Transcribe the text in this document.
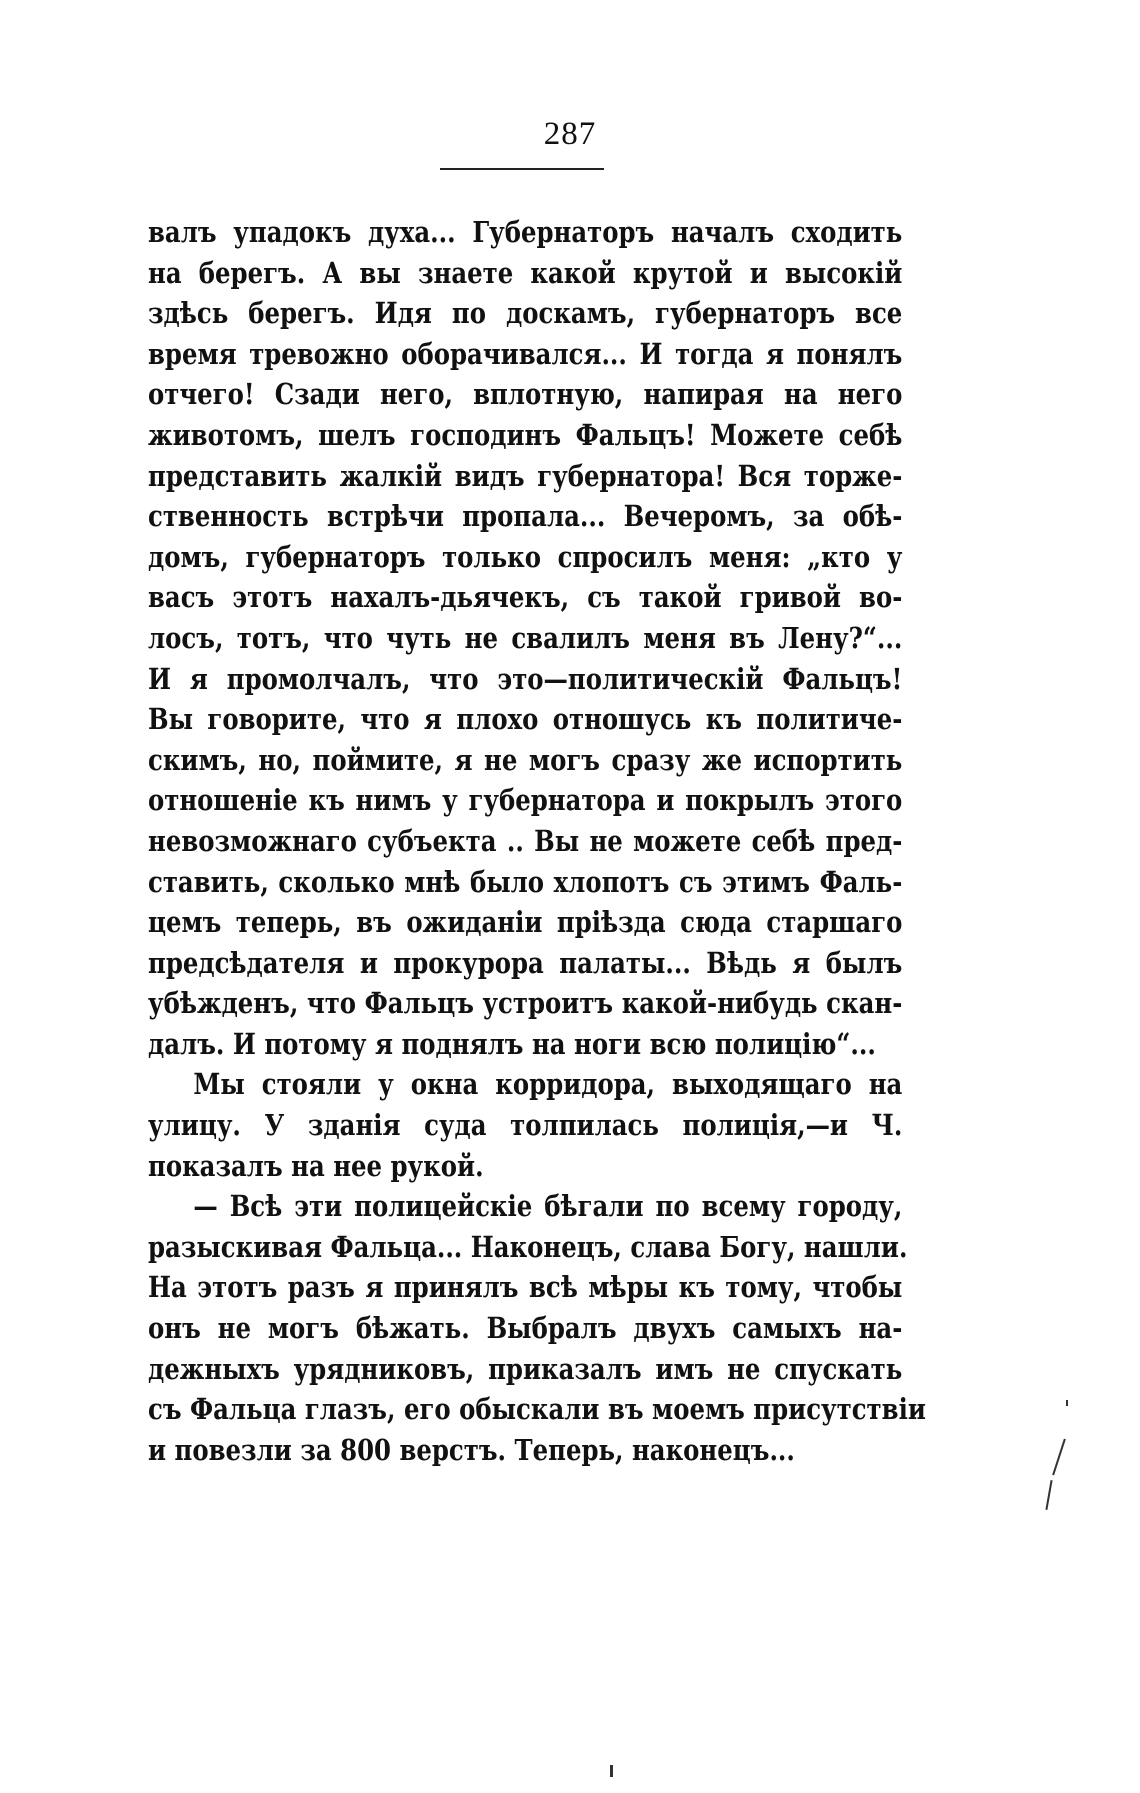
287
валъ упадокъ духа... Губернаторъ началъ сходить
на берегъ. А вы знаете какой крутой и высокій
здѣсь берегъ. Идя по доскамъ, губернаторъ все
время тревожно оборачивался... И тогда я понялъ
отчего! Сзади него, вплотную, напирая на него
животомъ, шелъ господинъ Фальцъ! Можете себѣ
представить жалкій видъ губернатора! Вся торже-
ственность встрѣчи пропала... Вечеромъ, за обѣ-
домъ, губернаторъ только спросилъ меня: „кто у
васъ этотъ нахалъ-дьячекъ, съ такой гривой во-
лосъ, тотъ, что чуть не свалилъ меня въ Лену?“...
И я промолчалъ, что это—политическій Фальцъ!
Вы говорите, что я плохо отношусь къ политиче-
скимъ, но, поймите, я не могъ сразу же испортить
отношеніе къ нимъ у губернатора и покрылъ этого
невозможнаго субъекта .. Вы не можете себѣ пред-
ставить, сколько мнѣ было хлопотъ съ этимъ Фаль-
цемъ теперь, въ ожиданіи пріѣзда сюда старшаго
предсѣдателя и прокурора палаты... Вѣдь я былъ
убѣжденъ, что Фальцъ устроитъ какой-нибудь скан-
далъ. И потому я поднялъ на ноги всю полицію“...
Мы стояли у окна корридора, выходящаго на
улицу. У зданія суда толпилась полиція,—и Ч.
показалъ на нее рукой.
— Всѣ эти полицейскіе бѣгали по всему городу,
разыскивая Фальца... Наконецъ, слава Богу, нашли.
На этотъ разъ я принялъ всѣ мѣры къ тому, чтобы
онъ не могъ бѣжать. Выбралъ двухъ самыхъ на-
дежныхъ урядниковъ, приказалъ имъ не спускать
съ Фальца глазъ, его обыскали въ моемъ присутствіи
и повезли за 800 верстъ. Теперь, наконецъ...
